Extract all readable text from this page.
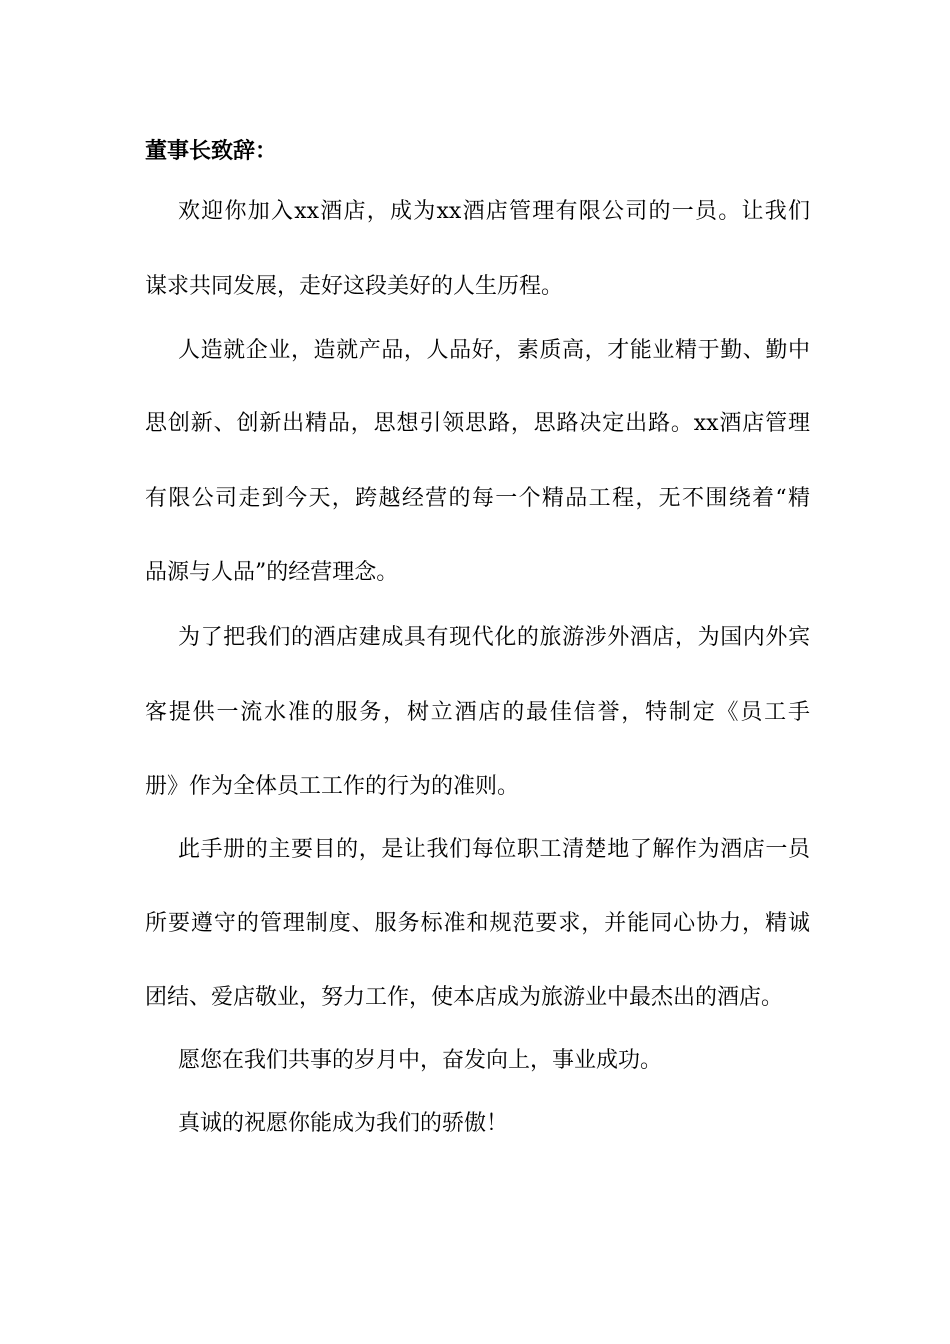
董事长致辞：
欢迎你加入xx酒店，成为xx酒店管理有限公司的一员。让我们
谋求共同发展，走好这段美好的人生历程。
人造就企业，造就产品，人品好，素质高，才能业精于勤、勤中
思创新、创新出精品，思想引领思路，思路决定出路。xx酒店管理
有限公司走到今天，跨越经营的每一个精品工程，无不围绕着“精
品源与人品”的经营理念。
为了把我们的酒店建成具有现代化的旅游涉外酒店，为国内外宾
客提供一流水准的服务，树立酒店的最佳信誉，特制定《员工手
册》作为全体员工工作的行为的准则。
此手册的主要目的，是让我们每位职工清楚地了解作为酒店一员
所要遵守的管理制度、服务标准和规范要求，并能同心协力，精诚
团结、爱店敬业，努力工作，使本店成为旅游业中最杰出的酒店。
愿您在我们共事的岁月中，奋发向上，事业成功。
真诚的祝愿你能成为我们的骄傲！
